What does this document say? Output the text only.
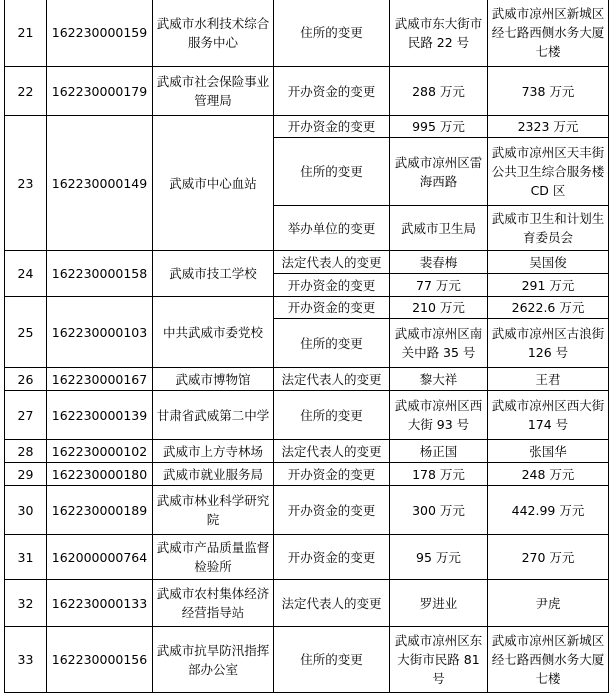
21	162230000159	武威市水利技术综合服务中心	住所的变更	武威市东大街市民路 22 号	武威市凉州区新城区经七路西侧水务大厦七楼
22	162230000179	武威市社会保险事业管理局	开办资金的变更	288 万元	738 万元
23	162230000149	武威市中心血站	开办资金的变更	995 万元	2323 万元
			住所的变更	武威市凉州区雷海西路	武威市凉州区天丰街公共卫生综合服务楼 CD 区
			举办单位的变更	武威市卫生局	武威市卫生和计划生育委员会
24	162230000158	武威市技工学校	法定代表人的变更	裴春梅	吴国俊
			开办资金的变更	77 万元	291 万元
25	162230000103	中共武威市委党校	开办资金的变更	210 万元	2622.6 万元
			住所的变更	武威市凉州区南关中路 35 号	武威市凉州区古浪街 126 号
26	162230000167	武威市博物馆	法定代表人的变更	黎大祥	王君
27	162230000139	甘肃省武威第二中学	住所的变更	武威市凉州区西大街 93 号	武威市凉州区西大街 174 号
28	162230000102	武威市上方寺林场	法定代表人的变更	杨正国	张国华
29	162230000180	武威市就业服务局	开办资金的变更	178 万元	248 万元
30	162230000189	武威市林业科学研究院	开办资金的变更	300 万元	442.99 万元
31	162000000764	武威市产品质量监督检验所	开办资金的变更	95 万元	270 万元
32	162230000133	武威市农村集体经济经营指导站	法定代表人的变更	罗进业	尹虎
33	162230000156	武威市抗旱防汛指挥部办公室	住所的变更	武威市凉州区东大街市民路 81 号	武威市凉州区新城区经七路西侧水务大厦七楼
